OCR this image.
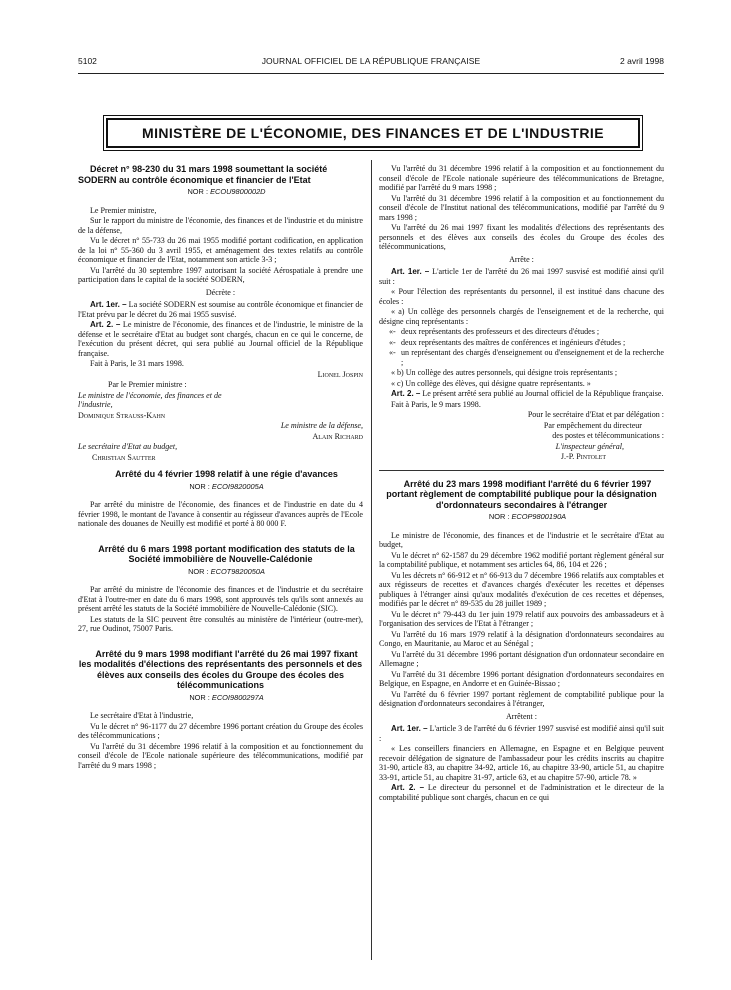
5102	JOURNAL OFFICIEL DE LA RÉPUBLIQUE FRANÇAISE	2 avril 1998
MINISTÈRE DE L'ÉCONOMIE, DES FINANCES ET DE L'INDUSTRIE

Décret n° 98-230 du 31 mars 1998 soumettant la société SODERN au contrôle économique et financier de l'Etat

NOR : ECOU9800002D

Le Premier ministre,

Sur le rapport du ministre de l'économie, des finances et de l'industrie et du ministre de la défense,

Vu le décret n° 55-733 du 26 mai 1955 modifié portant codification, en application de la loi n° 55-360 du 3 avril 1955, et aménagement des textes relatifs au contrôle économique et financier de l'Etat, notamment son article 3-3 ;

Vu l'arrêté du 30 septembre 1997 autorisant la société Aérospatiale à prendre une participation dans le capital de la société SODERN,

Décrète :

Art. 1er. – La société SODERN est soumise au contrôle économique et financier de l'Etat prévu par le décret du 26 mai 1955 susvisé.

Art. 2. – Le ministre de l'économie, des finances et de l'industrie, le ministre de la défense et le secrétaire d'Etat au budget sont chargés, chacun en ce qui le concerne, de l'exécution du présent décret, qui sera publié au Journal officiel de la République française.

Fait à Paris, le 31 mars 1998.

Lionel Jospin

Par le Premier ministre :

Le ministre de l'économie, des finances et de l'industrie,

Dominique Strauss-Kahn

Le ministre de la défense,

Alain Richard

Le secrétaire d'Etat au budget,

Christian Sautter

Arrêté du 4 février 1998 relatif à une régie d'avances

NOR : ECOI9820005A

Par arrêté du ministre de l'économie, des finances et de l'industrie en date du 4 février 1998, le montant de l'avance à consentir au régisseur d'avances auprès de l'Ecole nationale des douanes de Neuilly est modifié et porté à 80 000 F.

Arrêté du 6 mars 1998 portant modification des statuts de la Société immobilière de Nouvelle-Calédonie

NOR : ECOT9820050A

Par arrêté du ministre de l'économie des finances et de l'industrie et du secrétaire d'Etat à l'outre-mer en date du 6 mars 1998, sont approuvés tels qu'ils sont annexés au présent arrêté les statuts de la Société immobilière de Nouvelle-Calédonie (SIC).

Les statuts de la SIC peuvent être consultés au ministère de l'intérieur (outre-mer), 27, rue Oudinot, 75007 Paris.

Arrêté du 9 mars 1998 modifiant l'arrêté du 26 mai 1997 fixant les modalités d'élections des représentants des personnels et des élèves aux conseils des écoles du Groupe des écoles des télécommunications

NOR : ECOI9800297A

Le secrétaire d'Etat à l'industrie,

Vu le décret n° 96-1177 du 27 décembre 1996 portant création du Groupe des écoles des télécommunications ;

Vu l'arrêté du 31 décembre 1996 relatif à la composition et au fonctionnement du conseil d'école de l'Ecole nationale supérieure des télécommunications, modifié par l'arrêté du 9 mars 1998 ;

Vu l'arrêté du 31 décembre 1996 relatif à la composition et au fonctionnement du conseil d'école de l'Ecole nationale supérieure des télécommunications de Bretagne, modifié par l'arrêté du 9 mars 1998 ;

Vu l'arrêté du 31 décembre 1996 relatif à la composition et au fonctionnement du conseil d'école de l'Institut national des télécommunications, modifié par l'arrêté du 9 mars 1998 ;

Vu l'arrêté du 26 mai 1997 fixant les modalités d'élections des représentants des personnels et des élèves aux conseils des écoles du Groupe des écoles des télécommunications,

Arrête :

Art. 1er. – L'article 1er de l'arrêté du 26 mai 1997 susvisé est modifié ainsi qu'il suit :

« Pour l'élection des représentants du personnel, il est institué dans chacune des écoles :

« a) Un collège des personnels chargés de l'enseignement et de la recherche, qui désigne cinq représentants :

«- deux représentants des professeurs et des directeurs d'études ;

«- deux représentants des maîtres de conférences et ingénieurs d'études ;

«- un représentant des chargés d'enseignement ou d'enseignement et de la recherche ;

« b) Un collège des autres personnels, qui désigne trois représentants ;

« c) Un collège des élèves, qui désigne quatre représentants. »

Art. 2. – Le présent arrêté sera publié au Journal officiel de la République française.

Fait à Paris, le 9 mars 1998.

Pour le secrétaire d'Etat et par délégation :

Par empêchement du directeur

des postes et télécommunications :

L'inspecteur général,

J.-P. Pintolet

Arrêté du 23 mars 1998 modifiant l'arrêté du 6 février 1997 portant règlement de comptabilité publique pour la désignation d'ordonnateurs secondaires à l'étranger

NOR : ECOP9800190A

Le ministre de l'économie, des finances et de l'industrie et le secrétaire d'Etat au budget,

Vu le décret n° 62-1587 du 29 décembre 1962 modifié portant règlement général sur la comptabilité publique, et notamment ses articles 64, 86, 104 et 226 ;

Vu les décrets n° 66-912 et n° 66-913 du 7 décembre 1966 relatifs aux comptables et aux régisseurs de recettes et d'avances chargés d'exécuter les recettes et dépenses publiques à l'étranger ainsi qu'aux modalités d'exécution de ces recettes et dépenses, modifiés par le décret n° 89-535 du 28 juillet 1989 ;

Vu le décret n° 79-443 du 1er juin 1979 relatif aux pouvoirs des ambassadeurs et à l'organisation des services de l'Etat à l'étranger ;

Vu l'arrêté du 16 mars 1979 relatif à la désignation d'ordonnateurs secondaires au Congo, en Mauritanie, au Maroc et au Sénégal ;

Vu l'arrêté du 31 décembre 1996 portant désignation d'un ordonnateur secondaire en Allemagne ;

Vu l'arrêté du 31 décembre 1996 portant désignation d'ordonnateurs secondaires en Belgique, en Espagne, en Andorre et en Guinée-Bissao ;

Vu l'arrêté du 6 février 1997 portant règlement de comptabilité publique pour la désignation d'ordonnateurs secondaires à l'étranger,

Arrêtent :

Art. 1er. – L'article 3 de l'arrêté du 6 février 1997 susvisé est modifié ainsi qu'il suit :

« Les conseillers financiers en Allemagne, en Espagne et en Belgique peuvent recevoir délégation de signature de l'ambassadeur pour les crédits inscrits au chapitre 31-90, article 83, au chapitre 34-92, article 16, au chapitre 33-90, article 51, au chapitre 33-91, article 51, au chapitre 31-97, article 63, et au chapitre 57-90, article 78. »

Art. 2. – Le directeur du personnel et de l'administration et le directeur de la comptabilité publique sont chargés, chacun en ce qui
